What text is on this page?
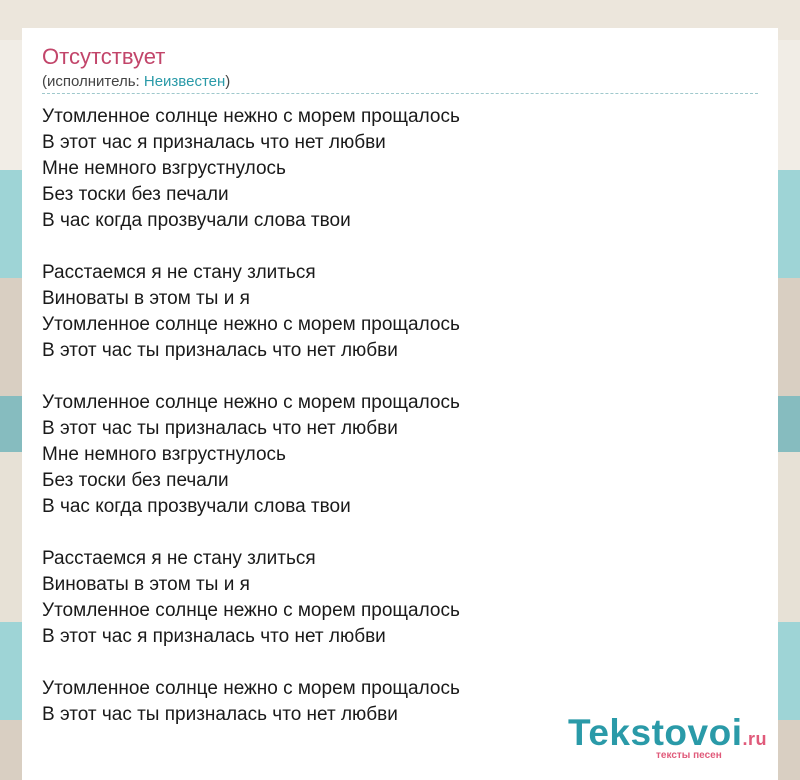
Отсутствует
(исполнитель: Неизвестен)
Утомленное солнце нежно с морем прощалось
В этот час я призналась что нет любви
Мне немного взгрустнулось
Без тоски без печали
В час когда прозвучали слова твои
Расстаемся я не стану злиться
Виноваты в этом ты и я
Утомленное солнце нежно с морем прощалось
В этот час ты призналась что нет любви
Утомленное солнце нежно с морем прощалось
В этот час ты призналась что нет любви
Мне немного взгрустнулось
Без тоски без печали
В час когда прозвучали слова твои
Расстаемся я не стану злиться
Виноваты в этом ты и я
Утомленное солнце нежно с морем прощалось
В этот час я призналась что нет любви
Утомленное солнце нежно с морем прощалось
В этот час ты призналась что нет любви	Tekstovoi.ru
тексты песен
